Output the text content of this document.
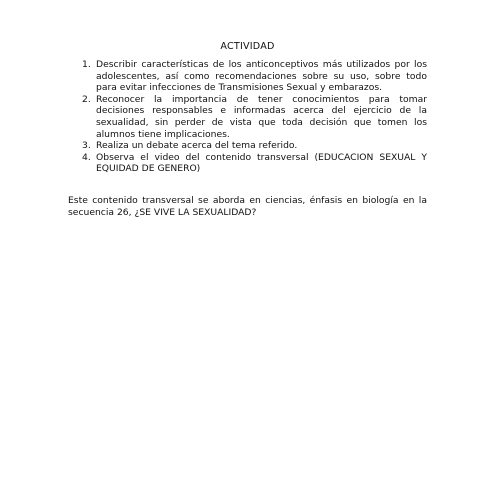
ACTIVIDAD
1. Describir características de los anticonceptivos más utilizados por los adolescentes, así como recomendaciones sobre su uso, sobre todo para evitar infecciones de Transmisiones Sexual y embarazos.
2. Reconocer la importancia de tener conocimientos para tomar decisiones responsables e informadas acerca del ejercicio de la sexualidad, sin perder de vista que toda decisión que tomen los alumnos tiene implicaciones.
3. Realiza un debate acerca del tema referido.
4. Observa el video del contenido transversal (EDUCACION SEXUAL Y EQUIDAD DE GENERO)

Este contenido transversal se aborda en ciencias, énfasis en biología en la secuencia 26, ¿SE VIVE LA SEXUALIDAD?
